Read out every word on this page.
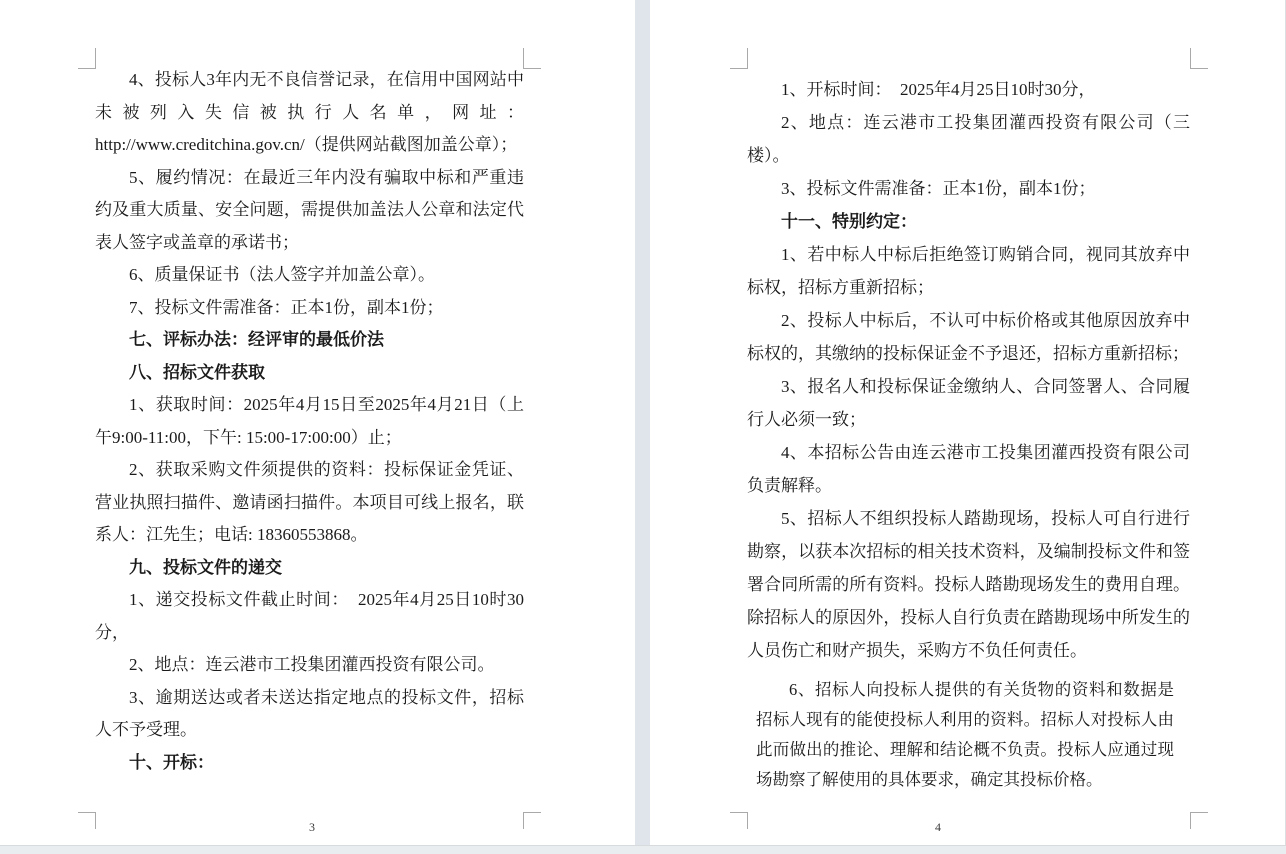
4、投标人3年内无不良信誉记录，在信用中国网站中未被列入失信被执行人名单，网址：http://www.creditchina.gov.cn/（提供网站截图加盖公章）；

5、履约情况：在最近三年内没有骗取中标和严重违约及重大质量、安全问题，需提供加盖法人公章和法定代表人签字或盖章的承诺书；

6、质量保证书（法人签字并加盖公章）。

7、投标文件需准备：正本1份，副本1份；

七、评标办法：经评审的最低价法

八、招标文件获取

1、获取时间：2025年4月15日至2025年4月21日（上午9:00-11:00，下午: 15:00-17:00:00）止；

2、获取采购文件须提供的资料：投标保证金凭证、营业执照扫描件、邀请函扫描件。本项目可线上报名，联系人：江先生；电话: 18360553868。

九、投标文件的递交

1、递交投标文件截止时间：　2025年4月25日10时30分，

2、地点：连云港市工投集团灌西投资有限公司。

3、逾期送达或者未送达指定地点的投标文件，招标人不予受理。

十、开标：

3

1、开标时间：　2025年4月25日10时30分，

2、地点：连云港市工投集团灌西投资有限公司（三楼）。

3、投标文件需准备：正本1份，副本1份；

十一、特别约定：

1、若中标人中标后拒绝签订购销合同，视同其放弃中标权，招标方重新招标；

2、投标人中标后，不认可中标价格或其他原因放弃中标权的，其缴纳的投标保证金不予退还，招标方重新招标；

3、报名人和投标保证金缴纳人、合同签署人、合同履行人必须一致；

4、本招标公告由连云港市工投集团灌西投资有限公司负责解释。

5、招标人不组织投标人踏勘现场，投标人可自行进行勘察，以获本次招标的相关技术资料，及编制投标文件和签署合同所需的所有资料。投标人踏勘现场发生的费用自理。除招标人的原因外，投标人自行负责在踏勘现场中所发生的人员伤亡和财产损失，采购方不负任何责任。

6、招标人向投标人提供的有关货物的资料和数据是招标人现有的能使投标人利用的资料。招标人对投标人由此而做出的推论、理解和结论概不负责。投标人应通过现场勘察了解使用的具体要求，确定其投标价格。

4
